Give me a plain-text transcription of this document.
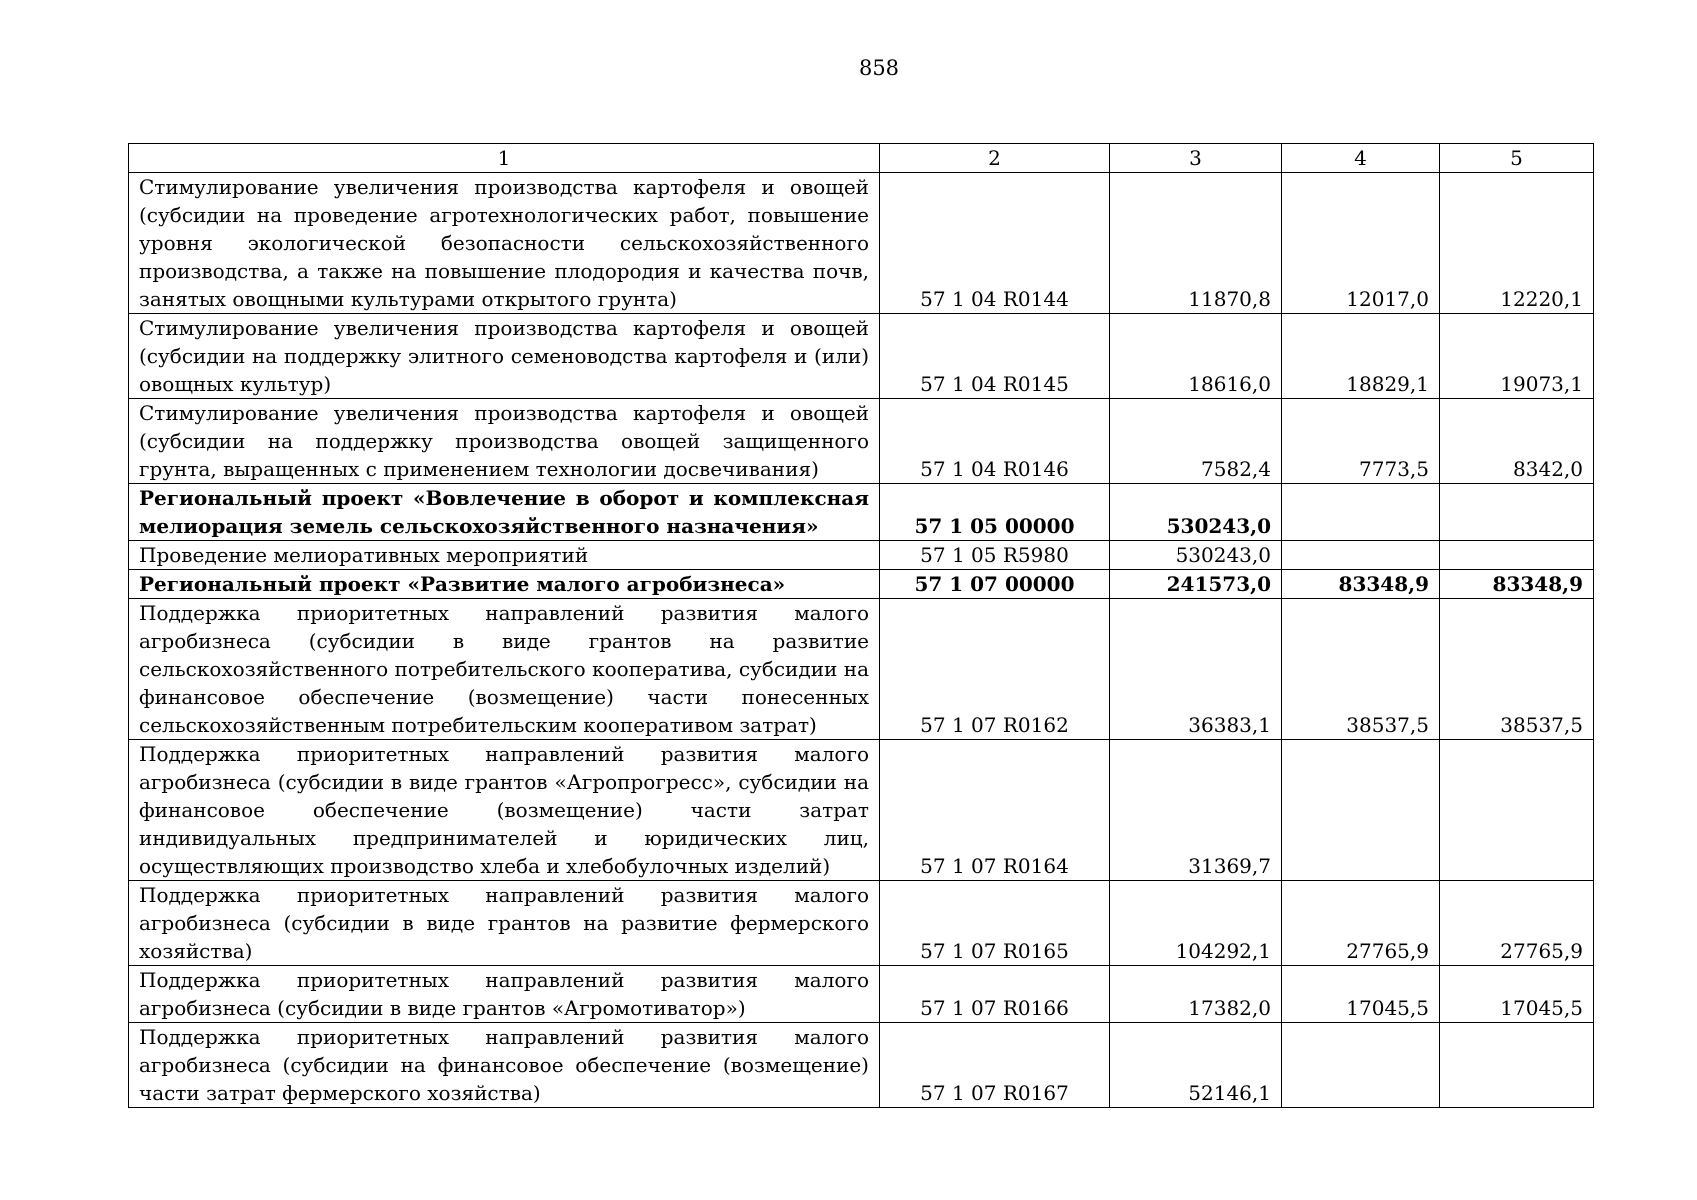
858
1	2	3	4	5
Стимулирование увеличения производства картофеля и овощей (субсидии на проведение агротехнологических работ, повышение уровня экологической безопасности сельскохозяйственного производства, а также на повышение плодородия и качества почв, занятых овощными культурами открытого грунта)	57 1 04 R0144	11870,8	12017,0	12220,1
Стимулирование увеличения производства картофеля и овощей (субсидии на поддержку элитного семеноводства картофеля и (или) овощных культур)	57 1 04 R0145	18616,0	18829,1	19073,1
Стимулирование увеличения производства картофеля и овощей (субсидии на поддержку производства овощей защищенного грунта, выращенных с применением технологии досвечивания)	57 1 04 R0146	7582,4	7773,5	8342,0
Региональный проект «Вовлечение в оборот и комплексная мелиорация земель сельскохозяйственного назначения»	57 1 05 00000	530243,0		
Проведение мелиоративных мероприятий	57 1 05 R5980	530243,0		
Региональный проект «Развитие малого агробизнеса»	57 1 07 00000	241573,0	83348,9	83348,9
Поддержка приоритетных направлений развития малого агробизнеса (субсидии в виде грантов на развитие сельскохозяйственного потребительского кооператива, субсидии на финансовое обеспечение (возмещение) части понесенных сельскохозяйственным потребительским кооперативом затрат)	57 1 07 R0162	36383,1	38537,5	38537,5
Поддержка приоритетных направлений развития малого агробизнеса (субсидии в виде грантов «Агропрогресс», субсидии на финансовое обеспечение (возмещение) части затрат индивидуальных предпринимателей и юридических лиц, осуществляющих производство хлеба и хлебобулочных изделий)	57 1 07 R0164	31369,7		
Поддержка приоритетных направлений развития малого агробизнеса (субсидии в виде грантов на развитие фермерского хозяйства)	57 1 07 R0165	104292,1	27765,9	27765,9
Поддержка приоритетных направлений развития малого агробизнеса (субсидии в виде грантов «Агромотиватор»)	57 1 07 R0166	17382,0	17045,5	17045,5
Поддержка приоритетных направлений развития малого агробизнеса (субсидии на финансовое обеспечение (возмещение) части затрат фермерского хозяйства)	57 1 07 R0167	52146,1		
